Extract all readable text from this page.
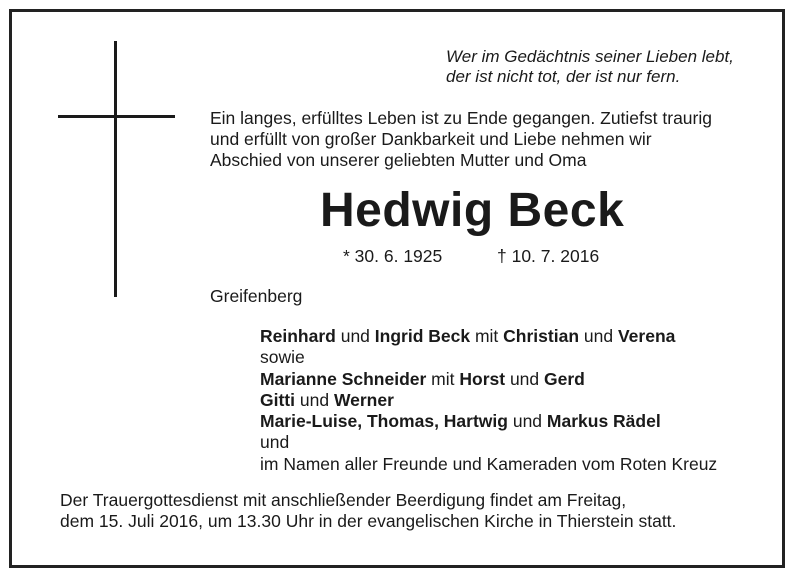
Wer im Gedächtnis seiner Lieben lebt,
der ist nicht tot, der ist nur fern.
Ein langes, erfülltes Leben ist zu Ende gegangen. Zutiefst traurig
und erfüllt von großer Dankbarkeit und Liebe nehmen wir
Abschied von unserer geliebten Mutter und Oma
Hedwig Beck
* 30. 6. 1925	† 10. 7. 2016
Greifenberg
Reinhard und Ingrid Beck mit Christian und Verena
sowie
Marianne Schneider mit Horst und Gerd
Gitti und Werner
Marie-Luise, Thomas, Hartwig und Markus Rädel
und
im Namen aller Freunde und Kameraden vom Roten Kreuz
Der Trauergottesdienst mit anschließender Beerdigung findet am Freitag,
dem 15. Juli 2016, um 13.30 Uhr in der evangelischen Kirche in Thierstein statt.
